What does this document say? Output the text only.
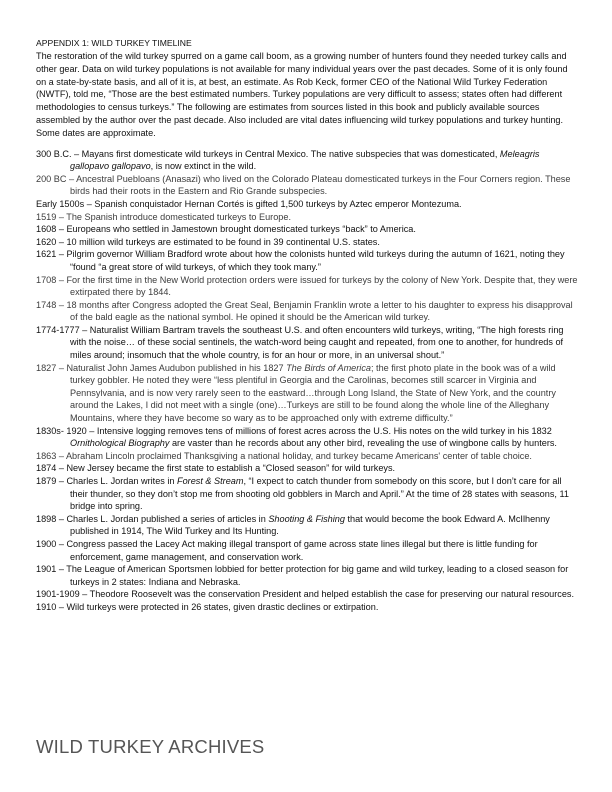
APPENDIX 1: WILD TURKEY TIMELINE

The restoration of the wild turkey spurred on a game call boom, as a growing number of hunters found they needed turkey calls and other gear. Data on wild turkey populations is not available for many individual years over the past decades. Some of it is only found on a state-by-state basis, and all of it is, at best, an estimate. As Rob Keck, former CEO of the National Wild Turkey Federation (NWTF), told me, “Those are the best estimated numbers. Turkey populations are very difficult to assess; states often had different methodologies to census turkeys.” The following are estimates from sources listed in this book and publicly available sources assembled by the author over the past decade. Also included are vital dates influencing wild turkey populations and turkey hunting. Some dates are approximate.

300 B.C. – Mayans first domesticate wild turkeys in Central Mexico. The native subspecies that was domesticated, Meleagris gallopavo gallopavo, is now extinct in the wild.
200 BC – Ancestral Puebloans (Anasazi) who lived on the Colorado Plateau domesticated turkeys in the Four Corners region. These birds had their roots in the Eastern and Rio Grande subspecies.
Early 1500s – Spanish conquistador Hernan Cortés is gifted 1,500 turkeys by Aztec emperor Montezuma.
1519 – The Spanish introduce domesticated turkeys to Europe.
1608 – Europeans who settled in Jamestown brought domesticated turkeys “back” to America.
1620 – 10 million wild turkeys are estimated to be found in 39 continental U.S. states.
1621 – Pilgrim governor William Bradford wrote about how the colonists hunted wild turkeys during the autumn of 1621, noting they “found “a great store of wild turkeys, of which they took many.”
1708 – For the first time in the New World protection orders were issued for turkeys by the colony of New York. Despite that, they were extirpated there by 1844.
1748 – 18 months after Congress adopted the Great Seal, Benjamin Franklin wrote a letter to his daughter to express his disapproval of the bald eagle as the national symbol. He opined it should be the American wild turkey.
1774-1777 – Naturalist William Bartram travels the southeast U.S. and often encounters wild turkeys, writing, “The high forests ring with the noise… of these social sentinels, the watch-word being caught and repeated, from one to another, for hundreds of miles around; insomuch that the whole country, is for an hour or more, in an universal shout.”
1827 – Naturalist John James Audubon published in his 1827 The Birds of America; the first photo plate in the book was of a wild turkey gobbler. He noted they were “less plentiful in Georgia and the Carolinas, becomes still scarcer in Virginia and Pennsylvania, and is now very rarely seen to the eastward…through Long Island, the State of New York, and the country around the Lakes, I did not meet with a single (one)…Turkeys are still to be found along the whole line of the Alleghany Mountains, where they have become so wary as to be approached only with extreme difficulty.”
1830s- 1920 – Intensive logging removes tens of millions of forest acres across the U.S. His notes on the wild turkey in his 1832 Ornithological Biography are vaster than he records about any other bird, revealing the use of wingbone calls by hunters.
1863 – Abraham Lincoln proclaimed Thanksgiving a national holiday, and turkey became Americans' center of table choice.
1874 – New Jersey became the first state to establish a “Closed season” for wild turkeys.
1879 – Charles L. Jordan writes in Forest & Stream, “I expect to catch thunder from somebody on this score, but I don’t care for all their thunder, so they don’t stop me from shooting old gobblers in March and April.” At the time of 28 states with seasons, 11 bridge into spring.
1898 – Charles L. Jordan published a series of articles in Shooting & Fishing that would become the book Edward A. McIlhenny published in 1914, The Wild Turkey and Its Hunting.
1900 – Congress passed the Lacey Act making illegal transport of game across state lines illegal but there is little funding for enforcement, game management, and conservation work.
1901 – The League of American Sportsmen lobbied for better protection for big game and wild turkey, leading to a closed season for turkeys in 2 states: Indiana and Nebraska.
1901-1909 – Theodore Roosevelt was the conservation President and helped establish the case for preserving our natural resources.
1910 – Wild turkeys were protected in 26 states, given drastic declines or extirpation.
WILD TURKEY ARCHIVES
